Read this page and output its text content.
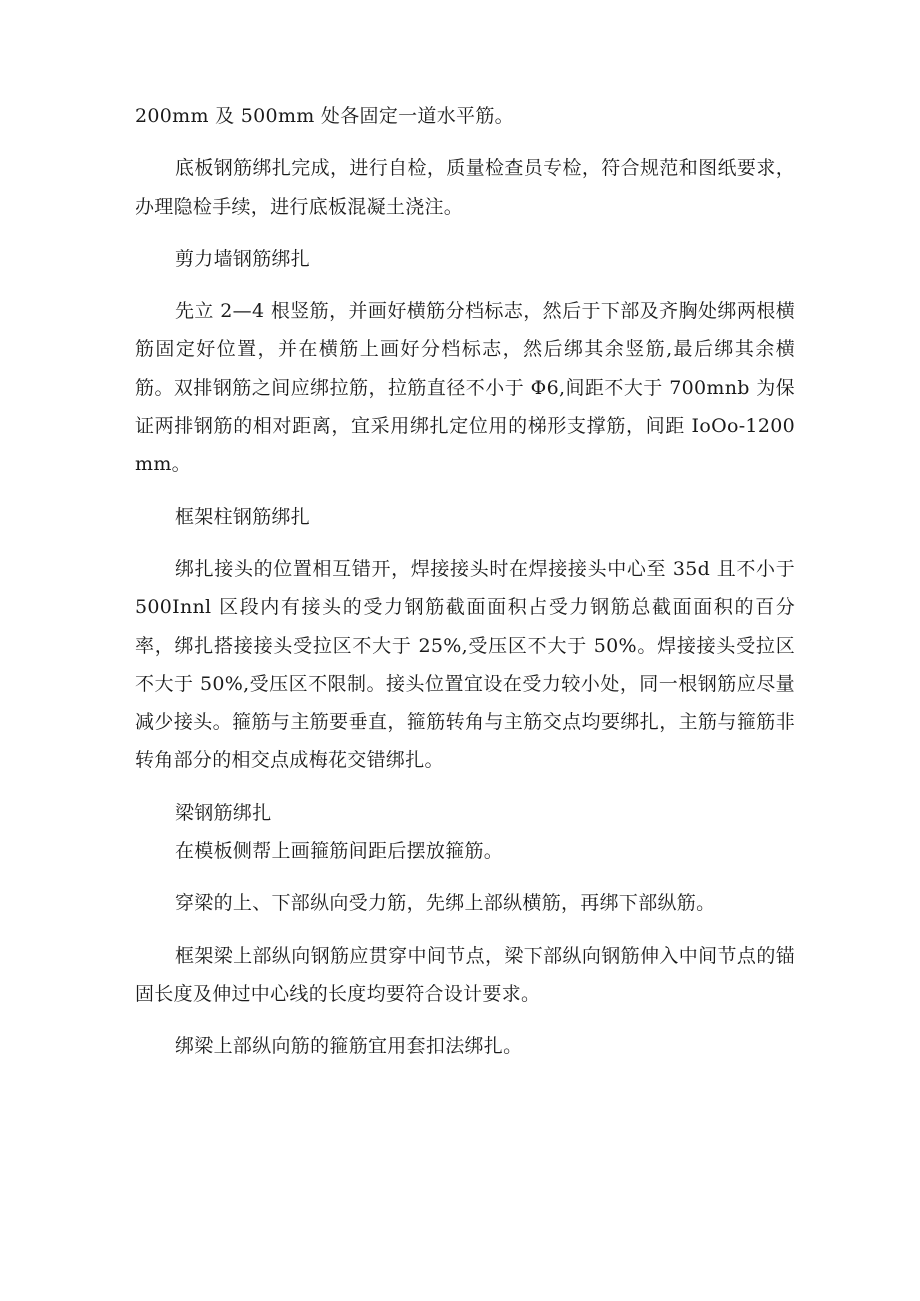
200mm 及 500mm 处各固定一道水平筋。

底板钢筋绑扎完成，进行自检，质量检查员专检，符合规范和图纸要求，办理隐检手续，进行底板混凝土浇注。

剪力墙钢筋绑扎

先立 2—4 根竖筋，并画好横筋分档标志，然后于下部及齐胸处绑两根横筋固定好位置，并在横筋上画好分档标志，然后绑其余竖筋,最后绑其余横筋。双排钢筋之间应绑拉筋，拉筋直径不小于 Φ6,间距不大于 700mnb 为保证两排钢筋的相对距离，宜采用绑扎定位用的梯形支撑筋，间距 IoOo-1200mm。

框架柱钢筋绑扎

绑扎接头的位置相互错开，焊接接头时在焊接接头中心至 35d 且不小于 500Innl 区段内有接头的受力钢筋截面面积占受力钢筋总截面面积的百分率，绑扎搭接接头受拉区不大于 25%,受压区不大于 50%。焊接接头受拉区不大于 50%,受压区不限制。接头位置宜设在受力较小处，同一根钢筋应尽量减少接头。箍筋与主筋要垂直，箍筋转角与主筋交点均要绑扎，主筋与箍筋非转角部分的相交点成梅花交错绑扎。

梁钢筋绑扎

在模板侧帮上画箍筋间距后摆放箍筋。

穿梁的上、下部纵向受力筋，先绑上部纵横筋，再绑下部纵筋。

框架梁上部纵向钢筋应贯穿中间节点，梁下部纵向钢筋伸入中间节点的锚固长度及伸过中心线的长度均要符合设计要求。

绑梁上部纵向筋的箍筋宜用套扣法绑扎。
